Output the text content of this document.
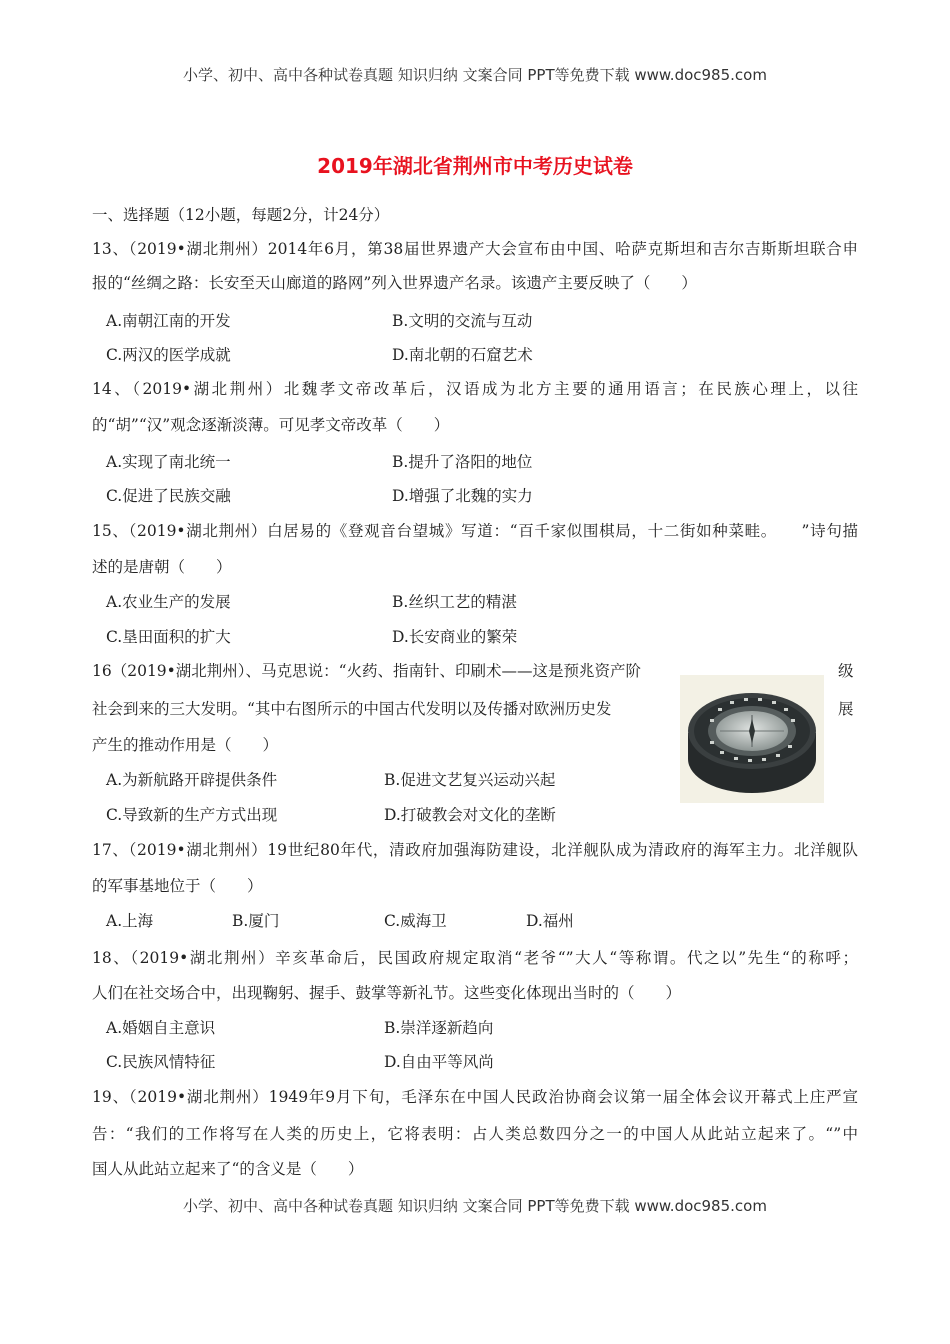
小学、初中、高中各种试卷真题 知识归纳 文案合同 PPT等免费下载 www.doc985.com
2019年湖北省荆州市中考历史试卷
一、选择题（12小题，每题2分，计24分）
13、（2019•湖北荆州）2014年6月，第38届世界遗产大会宣布由中国、哈萨克斯坦和吉尔吉斯斯坦联合申
报的“丝绸之路：长安至天山廊道的路网”列入世界遗产名录。该遗产主要反映了（　　）
A.南朝江南的开发	B.文明的交流与互动
C.两汉的医学成就	D.南北朝的石窟艺术
14、（2019•湖北荆州）北魏孝文帝改革后，汉语成为北方主要的通用语言；在民族心理上，以往
的“胡”“汉”观念逐渐淡薄。可见孝文帝改革（　　）
A.实现了南北统一	B.提升了洛阳的地位
C.促进了民族交融	D.增强了北魏的实力
15、（2019•湖北荆州）白居易的《登观音台望城》写道：“百千家似围棋局，十二街如种菜畦。　　”诗句描
述的是唐朝（　　）
A.农业生产的发展	B.丝织工艺的精湛
C.垦田面积的扩大	D.长安商业的繁荣
16（2019•湖北荆州）、马克思说：“火药、指南针、印刷术——这是预兆资产阶	级
社会到来的三大发明。“其中右图所示的中国古代发明以及传播对欧洲历史发	展
产生的推动作用是（　　）
A.为新航路开辟提供条件	B.促进文艺复兴运动兴起
C.导致新的生产方式出现	D.打破教会对文化的垄断
17、（2019•湖北荆州）19世纪80年代，清政府加强海防建设，北洋舰队成为清政府的海军主力。北洋舰队
的军事基地位于（　　）
A.上海	B.厦门	C.威海卫	D.福州
18、（2019•湖北荆州）辛亥革命后，民国政府规定取消“老爷“”大人“等称谓。代之以”先生“的称呼；
人们在社交场合中，出现鞠躬、握手、鼓掌等新礼节。这些变化体现出当时的（　　）
A.婚姻自主意识	B.崇洋逐新趋向
C.民族风情特征	D.自由平等风尚
19、（2019•湖北荆州）1949年9月下旬，毛泽东在中国人民政治协商会议第一届全体会议开幕式上庄严宣
告：“我们的工作将写在人类的历史上，它将表明：占人类总数四分之一的中国人从此站立起来了。“”中
国人从此站立起来了“的含义是（　　）
小学、初中、高中各种试卷真题 知识归纳 文案合同 PPT等免费下载 www.doc985.com
